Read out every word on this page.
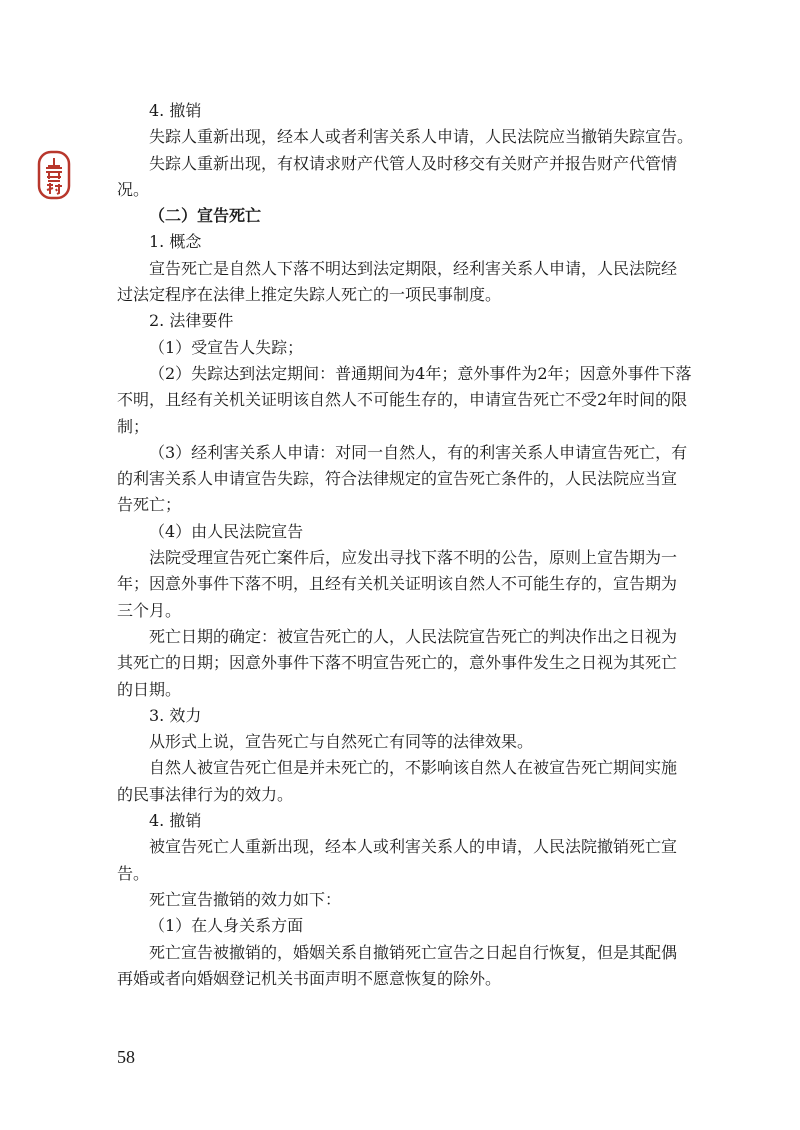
4. 撤销
失踪人重新出现，经本人或者利害关系人申请，人民法院应当撤销失踪宣告。
失踪人重新出现，有权请求财产代管人及时移交有关财产并报告财产代管情
况。
（二）宣告死亡
1. 概念
宣告死亡是自然人下落不明达到法定期限，经利害关系人申请，人民法院经
过法定程序在法律上推定失踪人死亡的一项民事制度。
2. 法律要件
（1）受宣告人失踪；
（2）失踪达到法定期间：普通期间为4年；意外事件为2年；因意外事件下落
不明，且经有关机关证明该自然人不可能生存的，申请宣告死亡不受2年时间的限
制；
（3）经利害关系人申请：对同一自然人，有的利害关系人申请宣告死亡，有
的利害关系人申请宣告失踪，符合法律规定的宣告死亡条件的，人民法院应当宣
告死亡；
（4）由人民法院宣告
法院受理宣告死亡案件后，应发出寻找下落不明的公告，原则上宣告期为一
年；因意外事件下落不明，且经有关机关证明该自然人不可能生存的，宣告期为
三个月。
死亡日期的确定：被宣告死亡的人，人民法院宣告死亡的判决作出之日视为
其死亡的日期；因意外事件下落不明宣告死亡的，意外事件发生之日视为其死亡
的日期。
3. 效力
从形式上说，宣告死亡与自然死亡有同等的法律效果。
自然人被宣告死亡但是并未死亡的，不影响该自然人在被宣告死亡期间实施
的民事法律行为的效力。
4. 撤销
被宣告死亡人重新出现，经本人或利害关系人的申请，人民法院撤销死亡宣
告。
死亡宣告撤销的效力如下：
（1）在人身关系方面
死亡宣告被撤销的，婚姻关系自撤销死亡宣告之日起自行恢复，但是其配偶
再婚或者向婚姻登记机关书面声明不愿意恢复的除外。
58
